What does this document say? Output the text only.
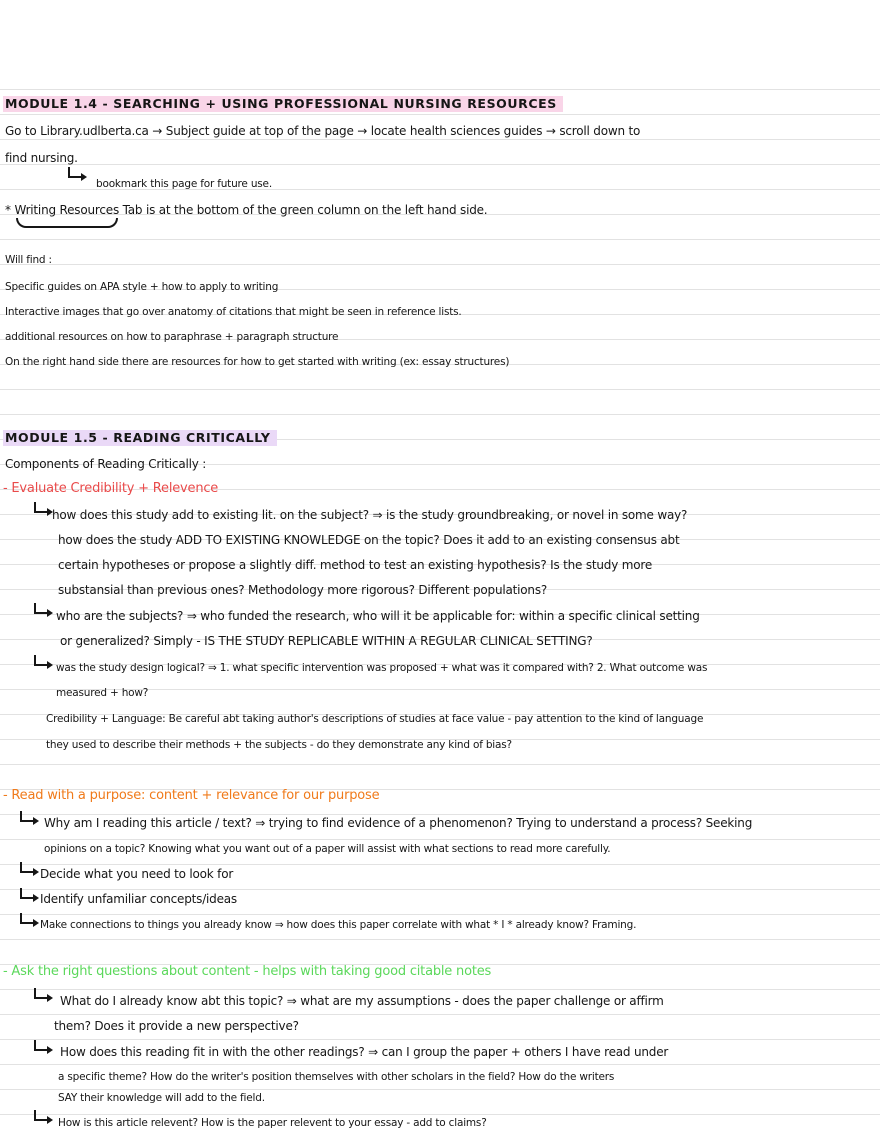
MODULE 1.4 - SEARCHING + USING PROFESSIONAL NURSING RESOURCES
Go to Library.udlberta.ca → Subject guide at top of the page → locate health sciences guides → scroll down to
find nursing.
bookmark this page for future use.
* Writing Resources Tab is at the bottom of the green column on the left hand side.
Will find :
Specific guides on APA style + how to apply to writing
Interactive images that go over anatomy of citations that might be seen in reference lists.
additional resources on how to paraphrase + paragraph structure
On the right hand side there are resources for how to get started with writing (ex: essay structures)
MODULE 1.5 - READING CRITICALLY
Components of Reading Critically :
- Evaluate Credibility + Relevence
how does this study add to existing lit. on the subject? ⇒ is the study groundbreaking, or novel in some way?
how does the study ADD TO EXISTING KNOWLEDGE on the topic? Does it add to an existing consensus abt
certain hypotheses or propose a slightly diff. method to test an existing hypothesis? Is the study more
substansial than previous ones? Methodology more rigorous? Different populations?
who are the subjects? ⇒ who funded the research, who will it be applicable for: within a specific clinical setting
or generalized? Simply - IS THE STUDY REPLICABLE WITHIN A REGULAR CLINICAL SETTING?
was the study design logical? ⇒ 1. what specific intervention was proposed + what was it compared with? 2. What outcome was
measured + how?
Credibility + Language: Be careful abt taking author's descriptions of studies at face value - pay attention to the kind of language
they used to describe their methods + the subjects - do they demonstrate any kind of bias?
- Read with a purpose: content + relevance for our purpose
Why am I reading this article / text? ⇒ trying to find evidence of a phenomenon? Trying to understand a process? Seeking
opinions on a topic? Knowing what you want out of a paper will assist with what sections to read more carefully.
Decide what you need to look for
Identify unfamiliar concepts/ideas
Make connections to things you already know ⇒ how does this paper correlate with what * I * already know? Framing.
- Ask the right questions about content - helps with taking good citable notes
What do I already know abt this topic? ⇒ what are my assumptions - does the paper challenge or affirm
them? Does it provide a new perspective?
How does this reading fit in with the other readings? ⇒ can I group the paper + others I have read under
a specific theme? How do the writer's position themselves with other scholars in the field? How do the writers
SAY their knowledge will add to the field.
How is this article relevent? How is the paper relevent to your essay - add to claims?
